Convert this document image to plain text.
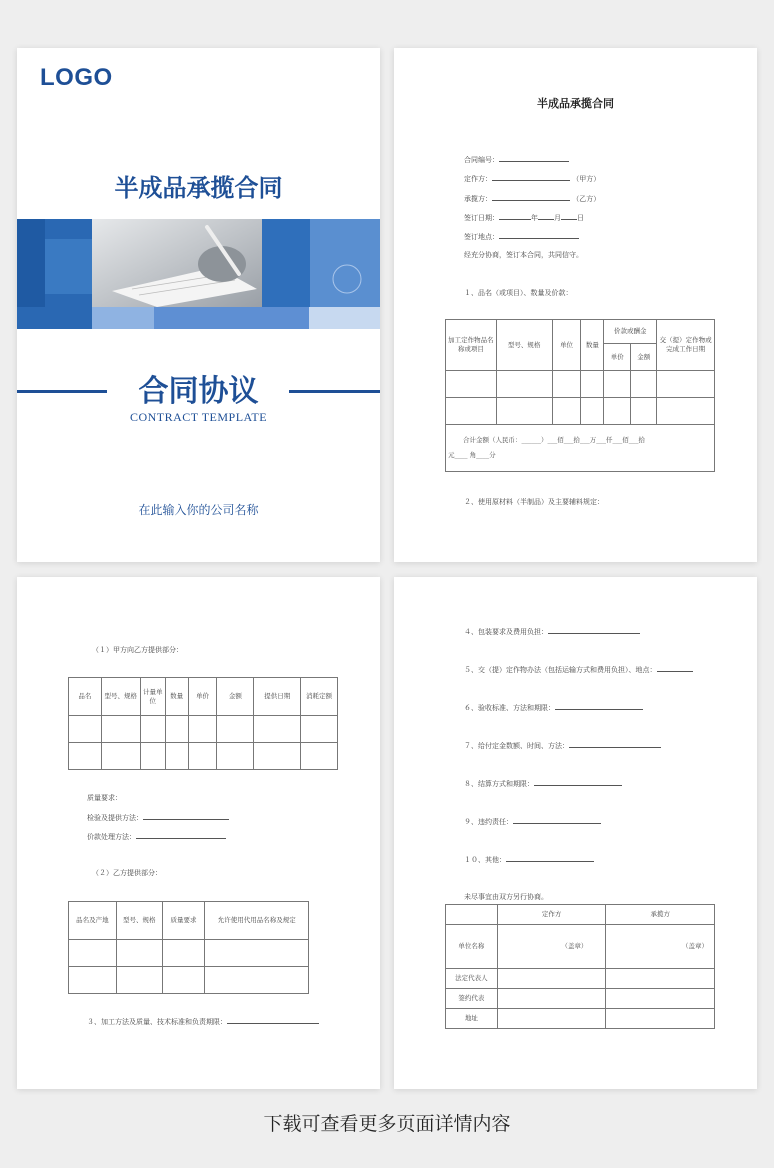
LOGO
半成品承揽合同
合同协议
CONTRACT TEMPLATE
在此输入你的公司名称
半成品承揽合同
合同编号：
定作方：	（甲方）
承揽方：	（乙方）
签订日期：	年 月 日
签订地点：
经充分协商，签订本合同，共同信守。
１、品名（或项目）、数量及价款：
加工定作物品名称或项目	型号、规格	单位	数量	价款或酬金		交（提）定作物或完成工作日期
				单价	金额	

合计金额（人民币：______）___佰___拾___万___仟___佰___拾
元____ 角____分						
２、使用原材料（半制品）及主要辅料规定：
（１）甲方向乙方提供部分：
品名	型号、规格	计量单位	数量	单价	金额	提供日期	消耗定额

质量要求：
检验及提供方法：
价款处理方法：
（２）乙方提供部分：
品名及产地	型号、规格	质量要求	允许使用代用品名称及规定

３、加工方法及质量、技术标准和负责期限：
４、包装要求及费用负担：
５、交（提）定作物办法（包括运输方式和费用负担）、地点：
６、验收标准、方法和期限：
７、给付定金数额、时间、方法：
８、结算方式和期限：
９、违约责任：
１０、其他：
未尽事宜由双方另行协商。
	定作方	承揽方
单位名称	（盖章）	（盖章）
法定代表人		
签约代表		
地址		
下载可查看更多页面详情内容
